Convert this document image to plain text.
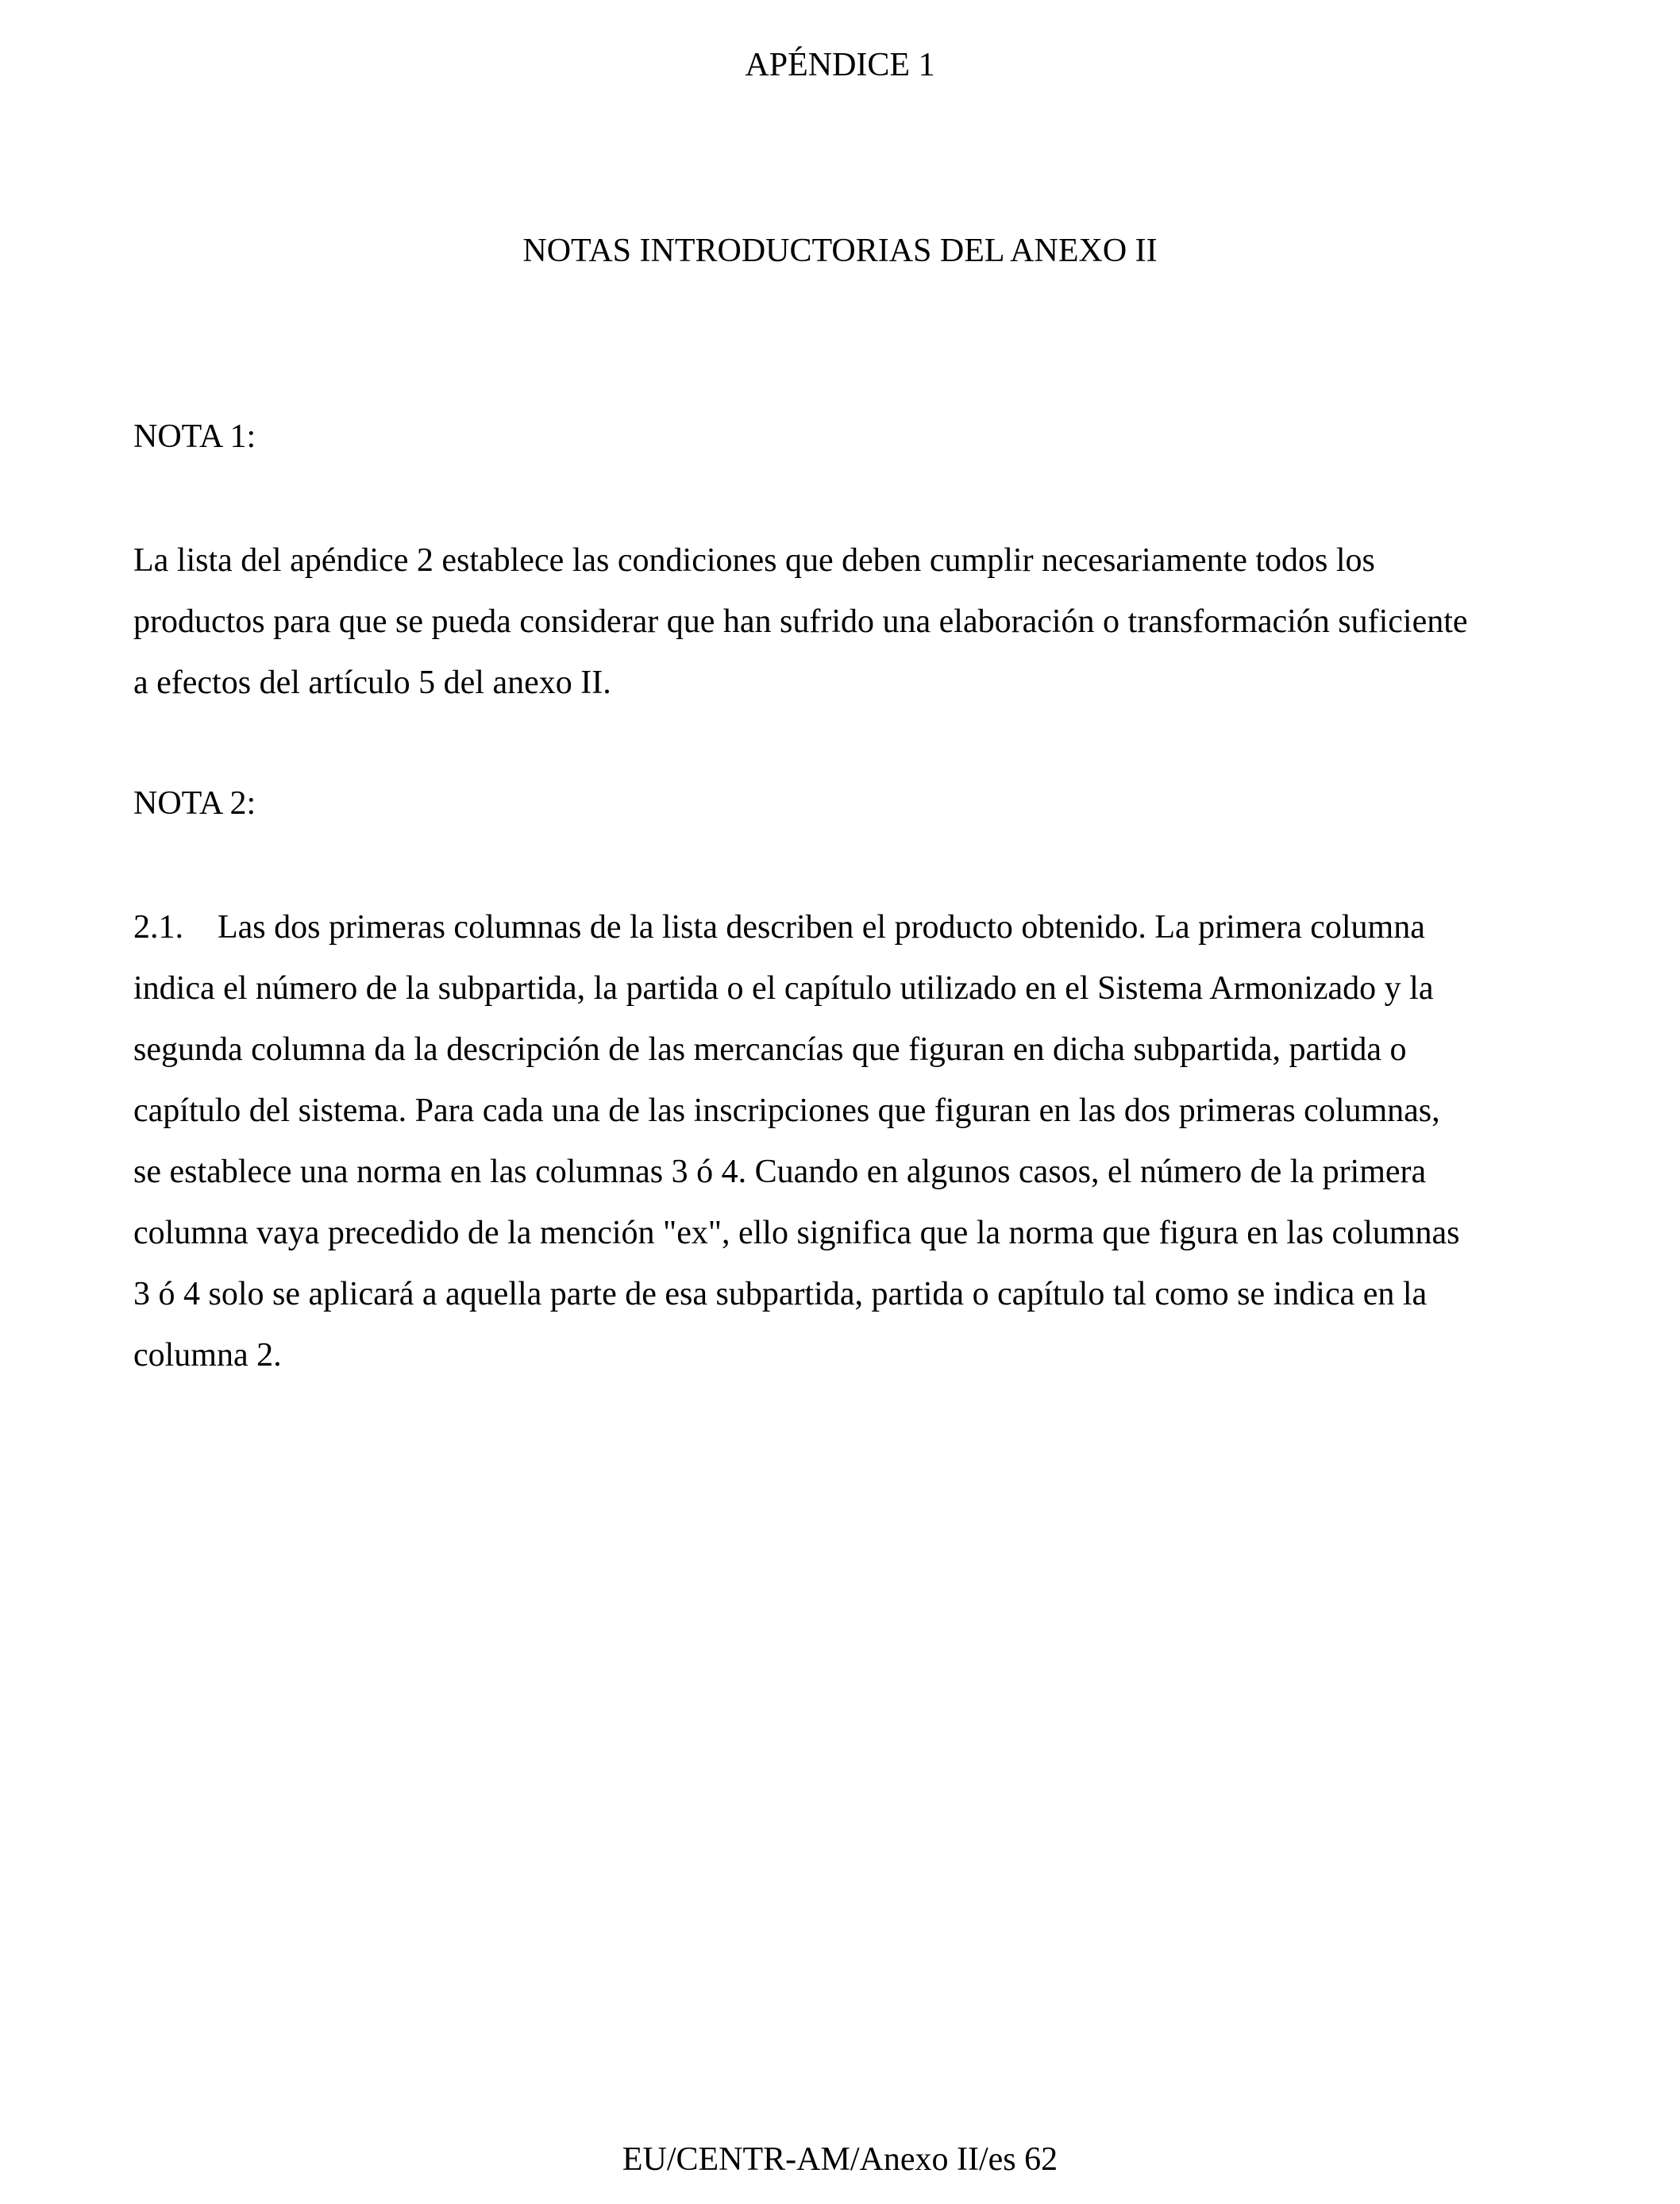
APÉNDICE 1
NOTAS INTRODUCTORIAS DEL ANEXO II
NOTA 1:
La lista del apéndice 2 establece las condiciones que deben cumplir necesariamente todos los
productos para que se pueda considerar que han sufrido una elaboración o transformación suficiente
a efectos del artículo 5 del anexo II.
NOTA 2:
2.1. Las dos primeras columnas de la lista describen el producto obtenido. La primera columna
indica el número de la subpartida, la partida o el capítulo utilizado en el Sistema Armonizado y la
segunda columna da la descripción de las mercancías que figuran en dicha subpartida, partida o
capítulo del sistema. Para cada una de las inscripciones que figuran en las dos primeras columnas,
se establece una norma en las columnas 3 ó 4. Cuando en algunos casos, el número de la primera
columna vaya precedido de la mención "ex", ello significa que la norma que figura en las columnas
3 ó 4 solo se aplicará a aquella parte de esa subpartida, partida o capítulo tal como se indica en la
columna 2.
EU/CENTR-AM/Anexo II/es 62
